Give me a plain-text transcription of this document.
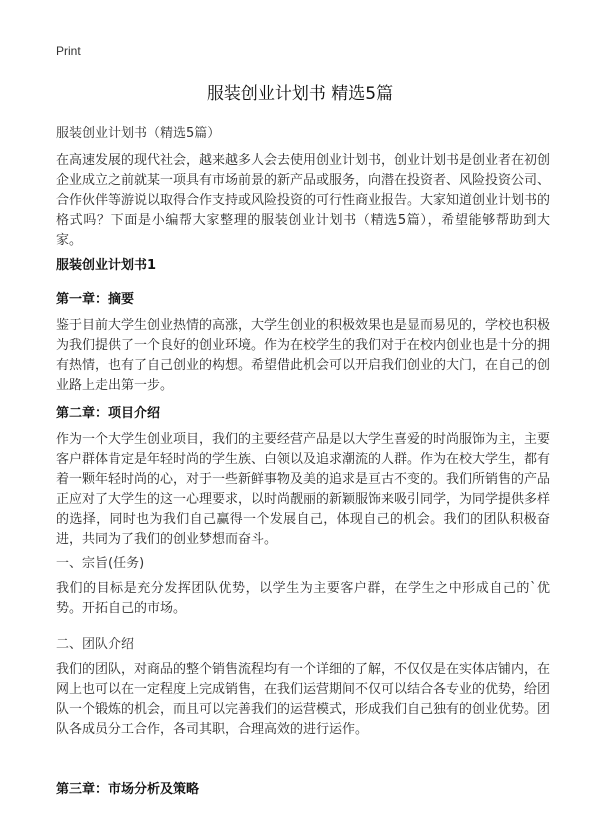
Print
服装创业计划书 精选5篇
服装创业计划书（精选5篇）

在高速发展的现代社会，越来越多人会去使用创业计划书，创业计划书是创业者在初创企业成立之前就某一项具有市场前景的新产品或服务，向潜在投资者、风险投资公司、合作伙伴等游说以取得合作支持或风险投资的可行性商业报告。大家知道创业计划书的格式吗？下面是小编帮大家整理的服装创业计划书（精选5篇），希望能够帮助到大家。

服装创业计划书1
第一章：摘要

鉴于目前大学生创业热情的高涨，大学生创业的积极效果也是显而易见的，学校也积极为我们提供了一个良好的创业环境。作为在校学生的我们对于在校内创业也是十分的拥有热情，也有了自己创业的构想。希望借此机会可以开启我们创业的大门，在自己的创业路上走出第一步。

第二章：项目介绍

作为一个大学生创业项目，我们的主要经营产品是以大学生喜爱的时尚服饰为主，主要客户群体肯定是年轻时尚的学生族、白领以及追求潮流的人群。作为在校大学生，都有着一颗年轻时尚的心，对于一些新鲜事物及美的追求是亘古不变的。我们所销售的产品正应对了大学生的这一心理要求，以时尚靓丽的新颖服饰来吸引同学，为同学提供多样的选择，同时也为我们自己赢得一个发展自己，体现自己的机会。我们的团队积极奋进，共同为了我们的创业梦想而奋斗。

一、宗旨(任务)

我们的目标是充分发挥团队优势，以学生为主要客户群，在学生之中形成自己的`优势。开拓自己的市场。

二、团队介绍

我们的团队，对商品的整个销售流程均有一个详细的了解，不仅仅是在实体店铺内，在网上也可以在一定程度上完成销售，在我们运营期间不仅可以结合各专业的优势，给团队一个锻炼的机会，而且可以完善我们的运营模式，形成我们自己独有的创业优势。团队各成员分工合作，各司其职，合理高效的进行运作。

第三章：市场分析及策略
